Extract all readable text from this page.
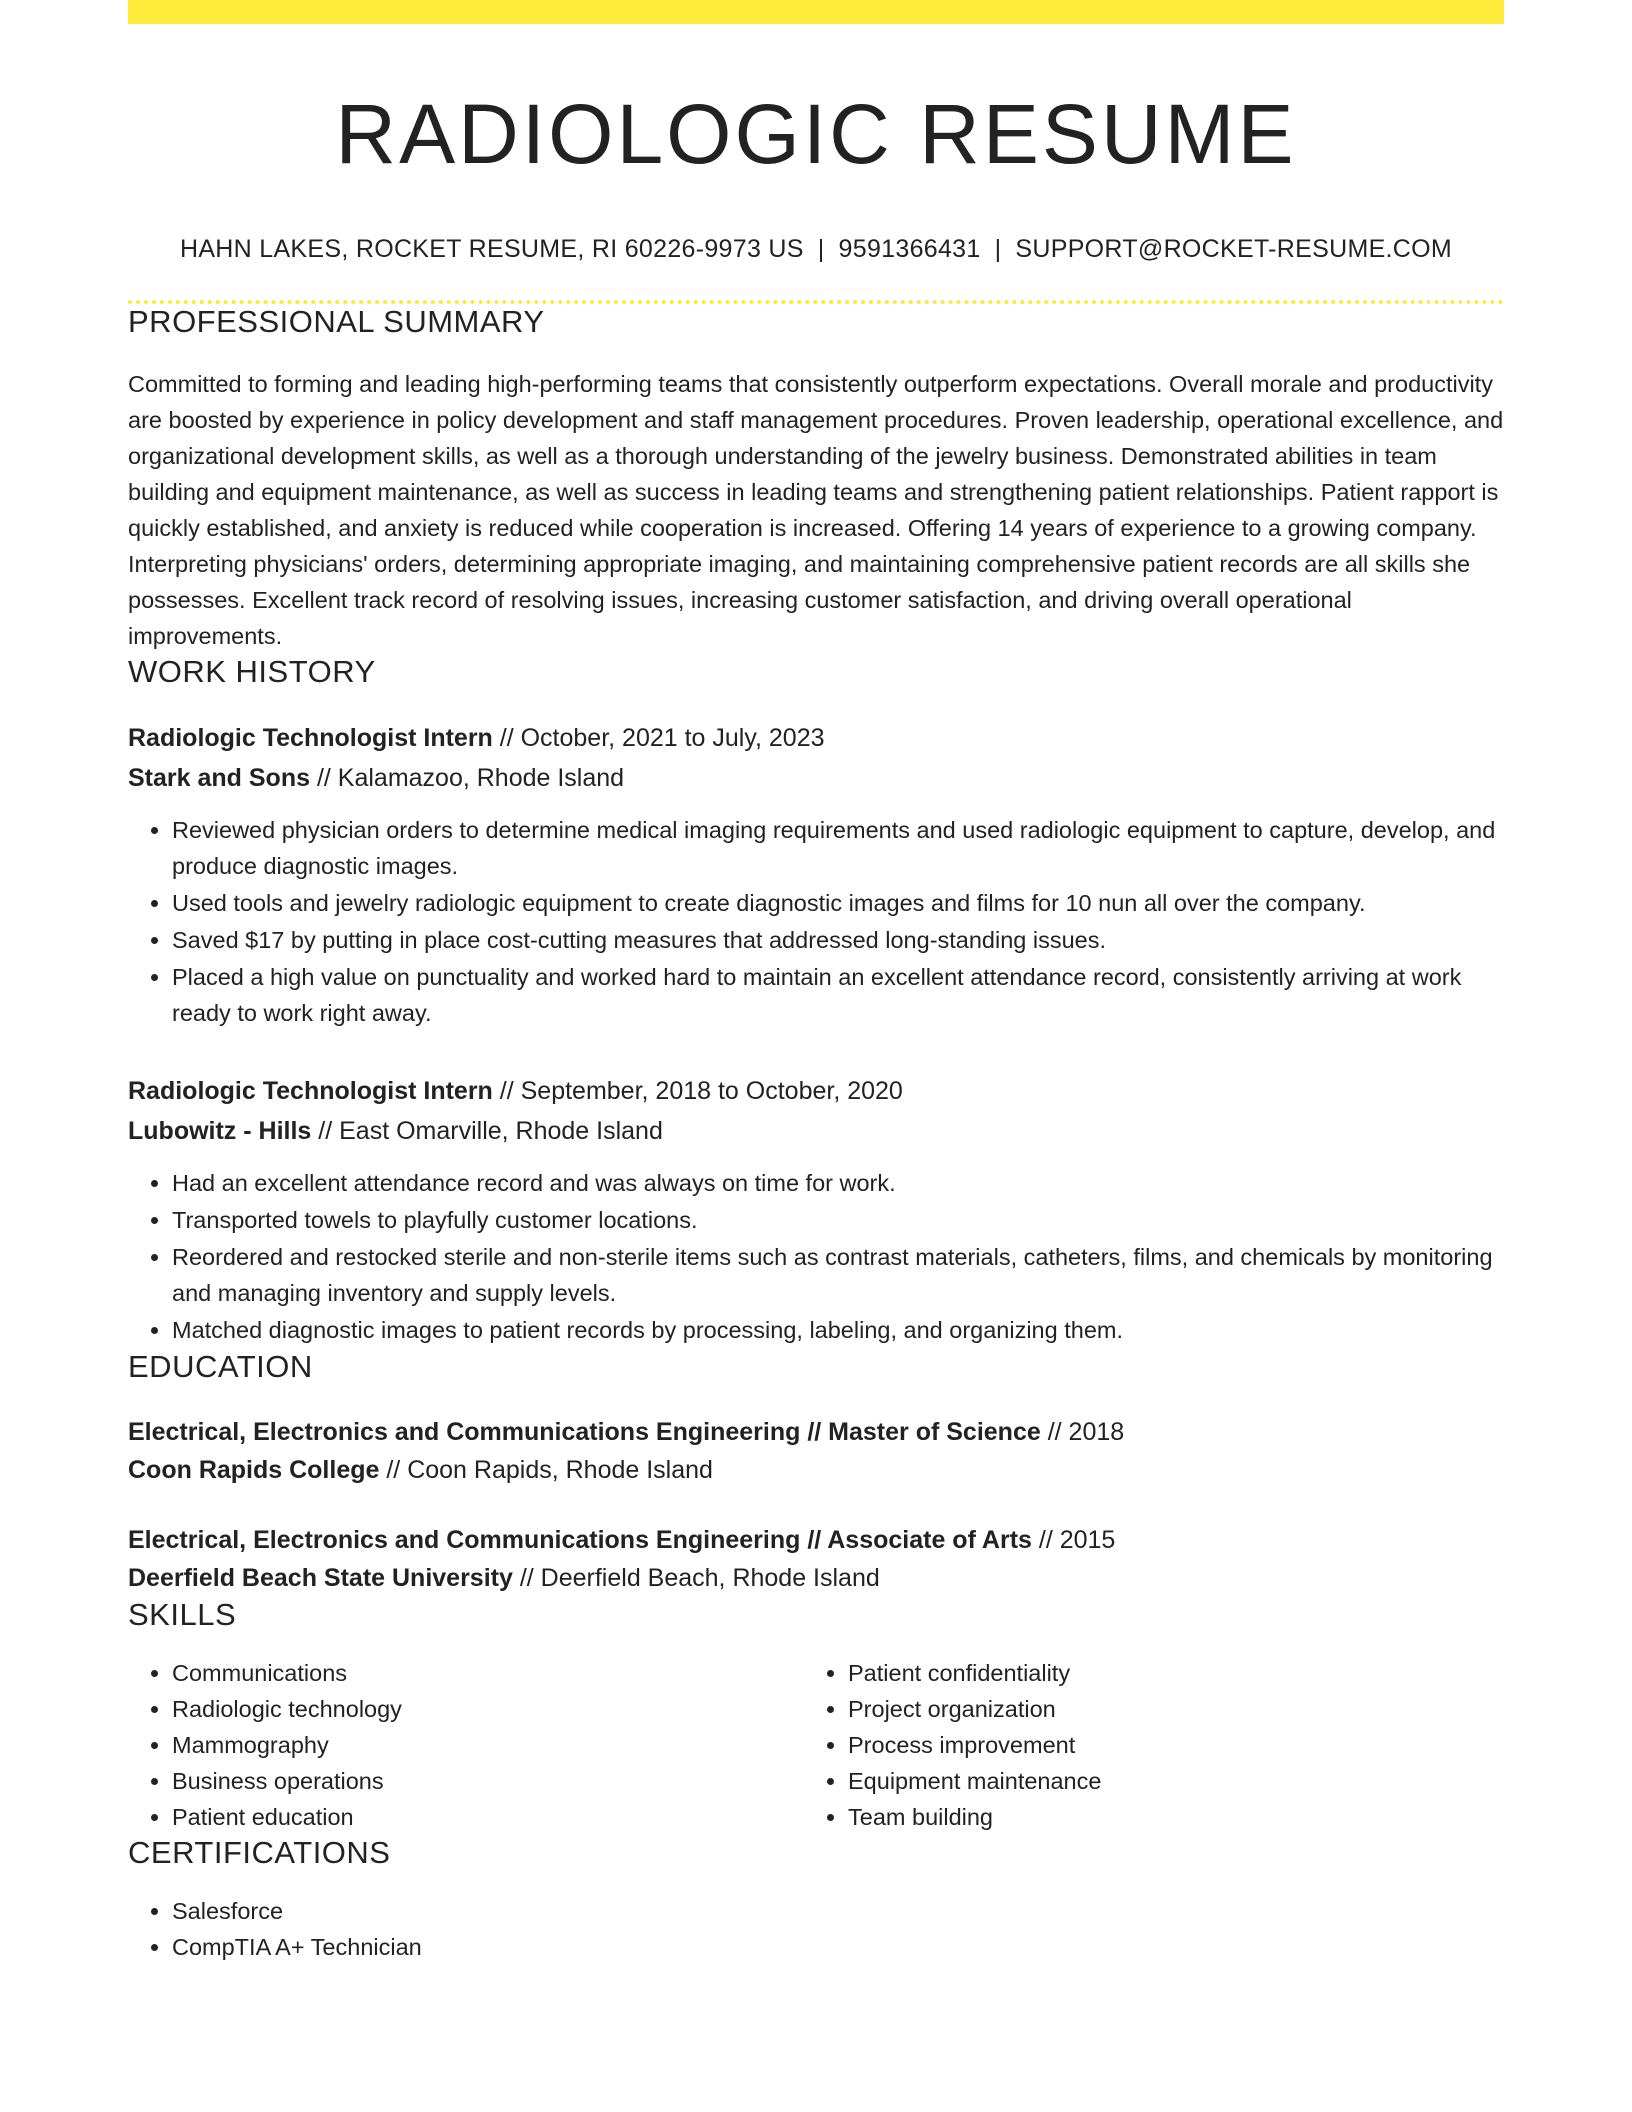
RADIOLOGIC RESUME
HAHN LAKES, ROCKET RESUME, RI 60226-9973 US | 9591366431 | SUPPORT@ROCKET-RESUME.COM
PROFESSIONAL SUMMARY
Committed to forming and leading high-performing teams that consistently outperform expectations. Overall morale and productivity are boosted by experience in policy development and staff management procedures. Proven leadership, operational excellence, and organizational development skills, as well as a thorough understanding of the jewelry business. Demonstrated abilities in team building and equipment maintenance, as well as success in leading teams and strengthening patient relationships. Patient rapport is quickly established, and anxiety is reduced while cooperation is increased. Offering 14 years of experience to a growing company. Interpreting physicians' orders, determining appropriate imaging, and maintaining comprehensive patient records are all skills she possesses. Excellent track record of resolving issues, increasing customer satisfaction, and driving overall operational improvements.
WORK HISTORY
Radiologic Technologist Intern // October, 2021 to July, 2023
Stark and Sons // Kalamazoo, Rhode Island
• Reviewed physician orders to determine medical imaging requirements and used radiologic equipment to capture, develop, and produce diagnostic images.
• Used tools and jewelry radiologic equipment to create diagnostic images and films for 10 nun all over the company.
• Saved $17 by putting in place cost-cutting measures that addressed long-standing issues.
• Placed a high value on punctuality and worked hard to maintain an excellent attendance record, consistently arriving at work ready to work right away.
Radiologic Technologist Intern // September, 2018 to October, 2020
Lubowitz - Hills // East Omarville, Rhode Island
• Had an excellent attendance record and was always on time for work.
• Transported towels to playfully customer locations.
• Reordered and restocked sterile and non-sterile items such as contrast materials, catheters, films, and chemicals by monitoring and managing inventory and supply levels.
• Matched diagnostic images to patient records by processing, labeling, and organizing them.
EDUCATION
Electrical, Electronics and Communications Engineering // Master of Science // 2018
Coon Rapids College // Coon Rapids, Rhode Island
Electrical, Electronics and Communications Engineering // Associate of Arts // 2015
Deerfield Beach State University // Deerfield Beach, Rhode Island
SKILLS
• Communications
• Radiologic technology
• Mammography
• Business operations
• Patient education
• Patient confidentiality
• Project organization
• Process improvement
• Equipment maintenance
• Team building
CERTIFICATIONS
• Salesforce
• CompTIA A+ Technician
